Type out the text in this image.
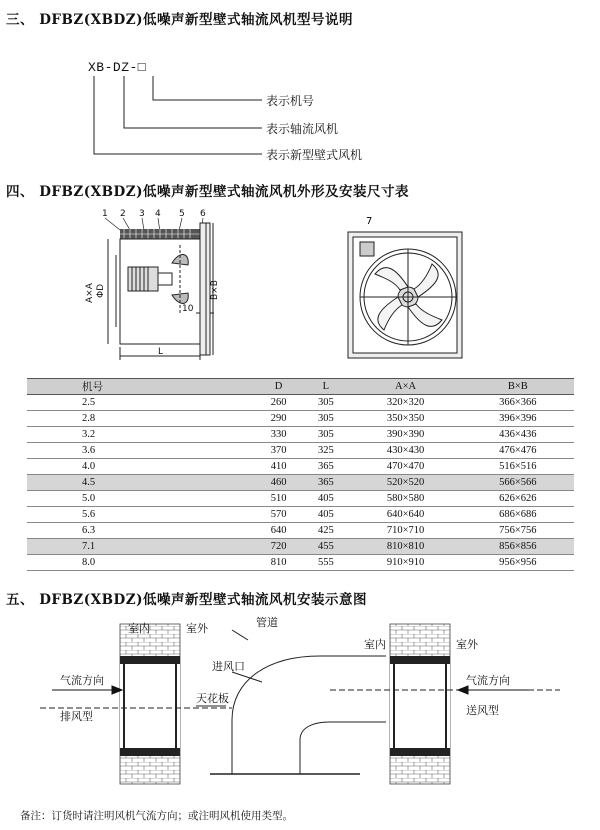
三、 DFBZ(XBDZ)低噪声新型壁式轴流风机型号说明
XB-DZ-□
表示机号
表示轴流风机
表示新型壁式风机
四、 DFBZ(XBDZ)低噪声新型壁式轴流风机外形及安装尺寸表
1 2 3 4 5 6
A×A ΦD	B×B
10
L
7
机号	D	L	A×A	B×B
2.5	260	305	320×320	366×366
2.8	290	305	350×350	396×396
3.2	330	305	390×390	436×436
3.6	370	325	430×430	476×476
4.0	410	365	470×470	516×516
4.5	460	365	520×520	566×566
5.0	510	405	580×580	626×626
5.6	570	405	640×640	686×686
6.3	640	425	710×710	756×756
7.1	720	455	810×810	856×856
8.0	810	555	910×910	956×956
五、 DFBZ(XBDZ)低噪声新型壁式轴流风机安装示意图
室内	室外
气流方向
排风型
管道
进风口
天花板
室内	室外
气流方向
送风型
备注：订货时请注明风机气流方向；或注明风机使用类型。
